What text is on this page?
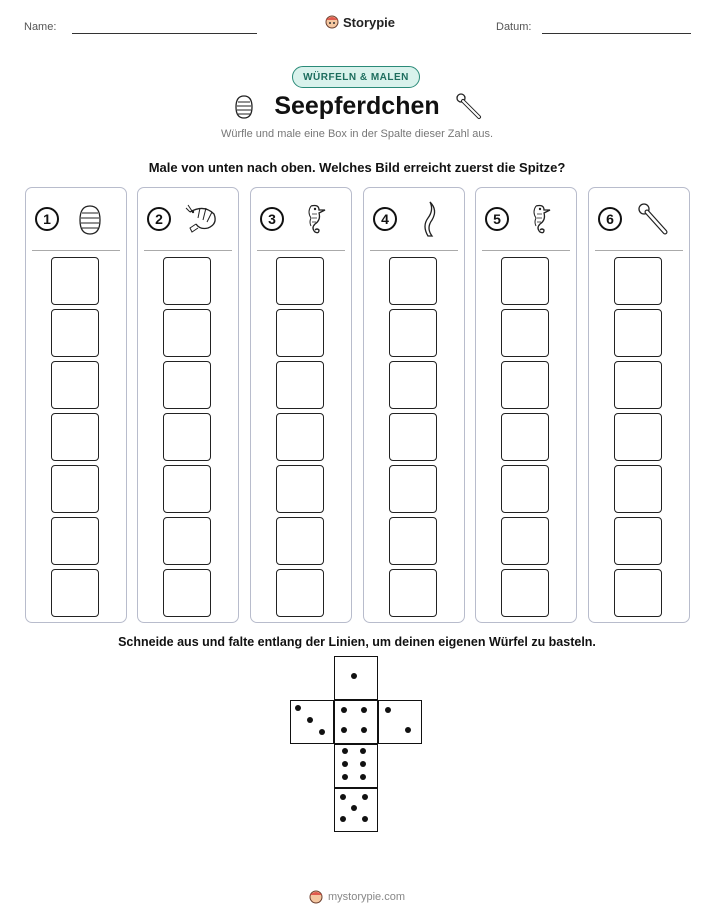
Name:	Storypie	Datum:
WÜRFELN & MALEN
Seepferdchen
Würfle und male eine Box in der Spalte dieser Zahl aus.
Male von unten nach oben. Welches Bild erreicht zuerst die Spitze?
1	2	3	4	5	6
Schneide aus und falte entlang der Linien, um deinen eigenen Würfel zu basteln.
mystorypie.com
